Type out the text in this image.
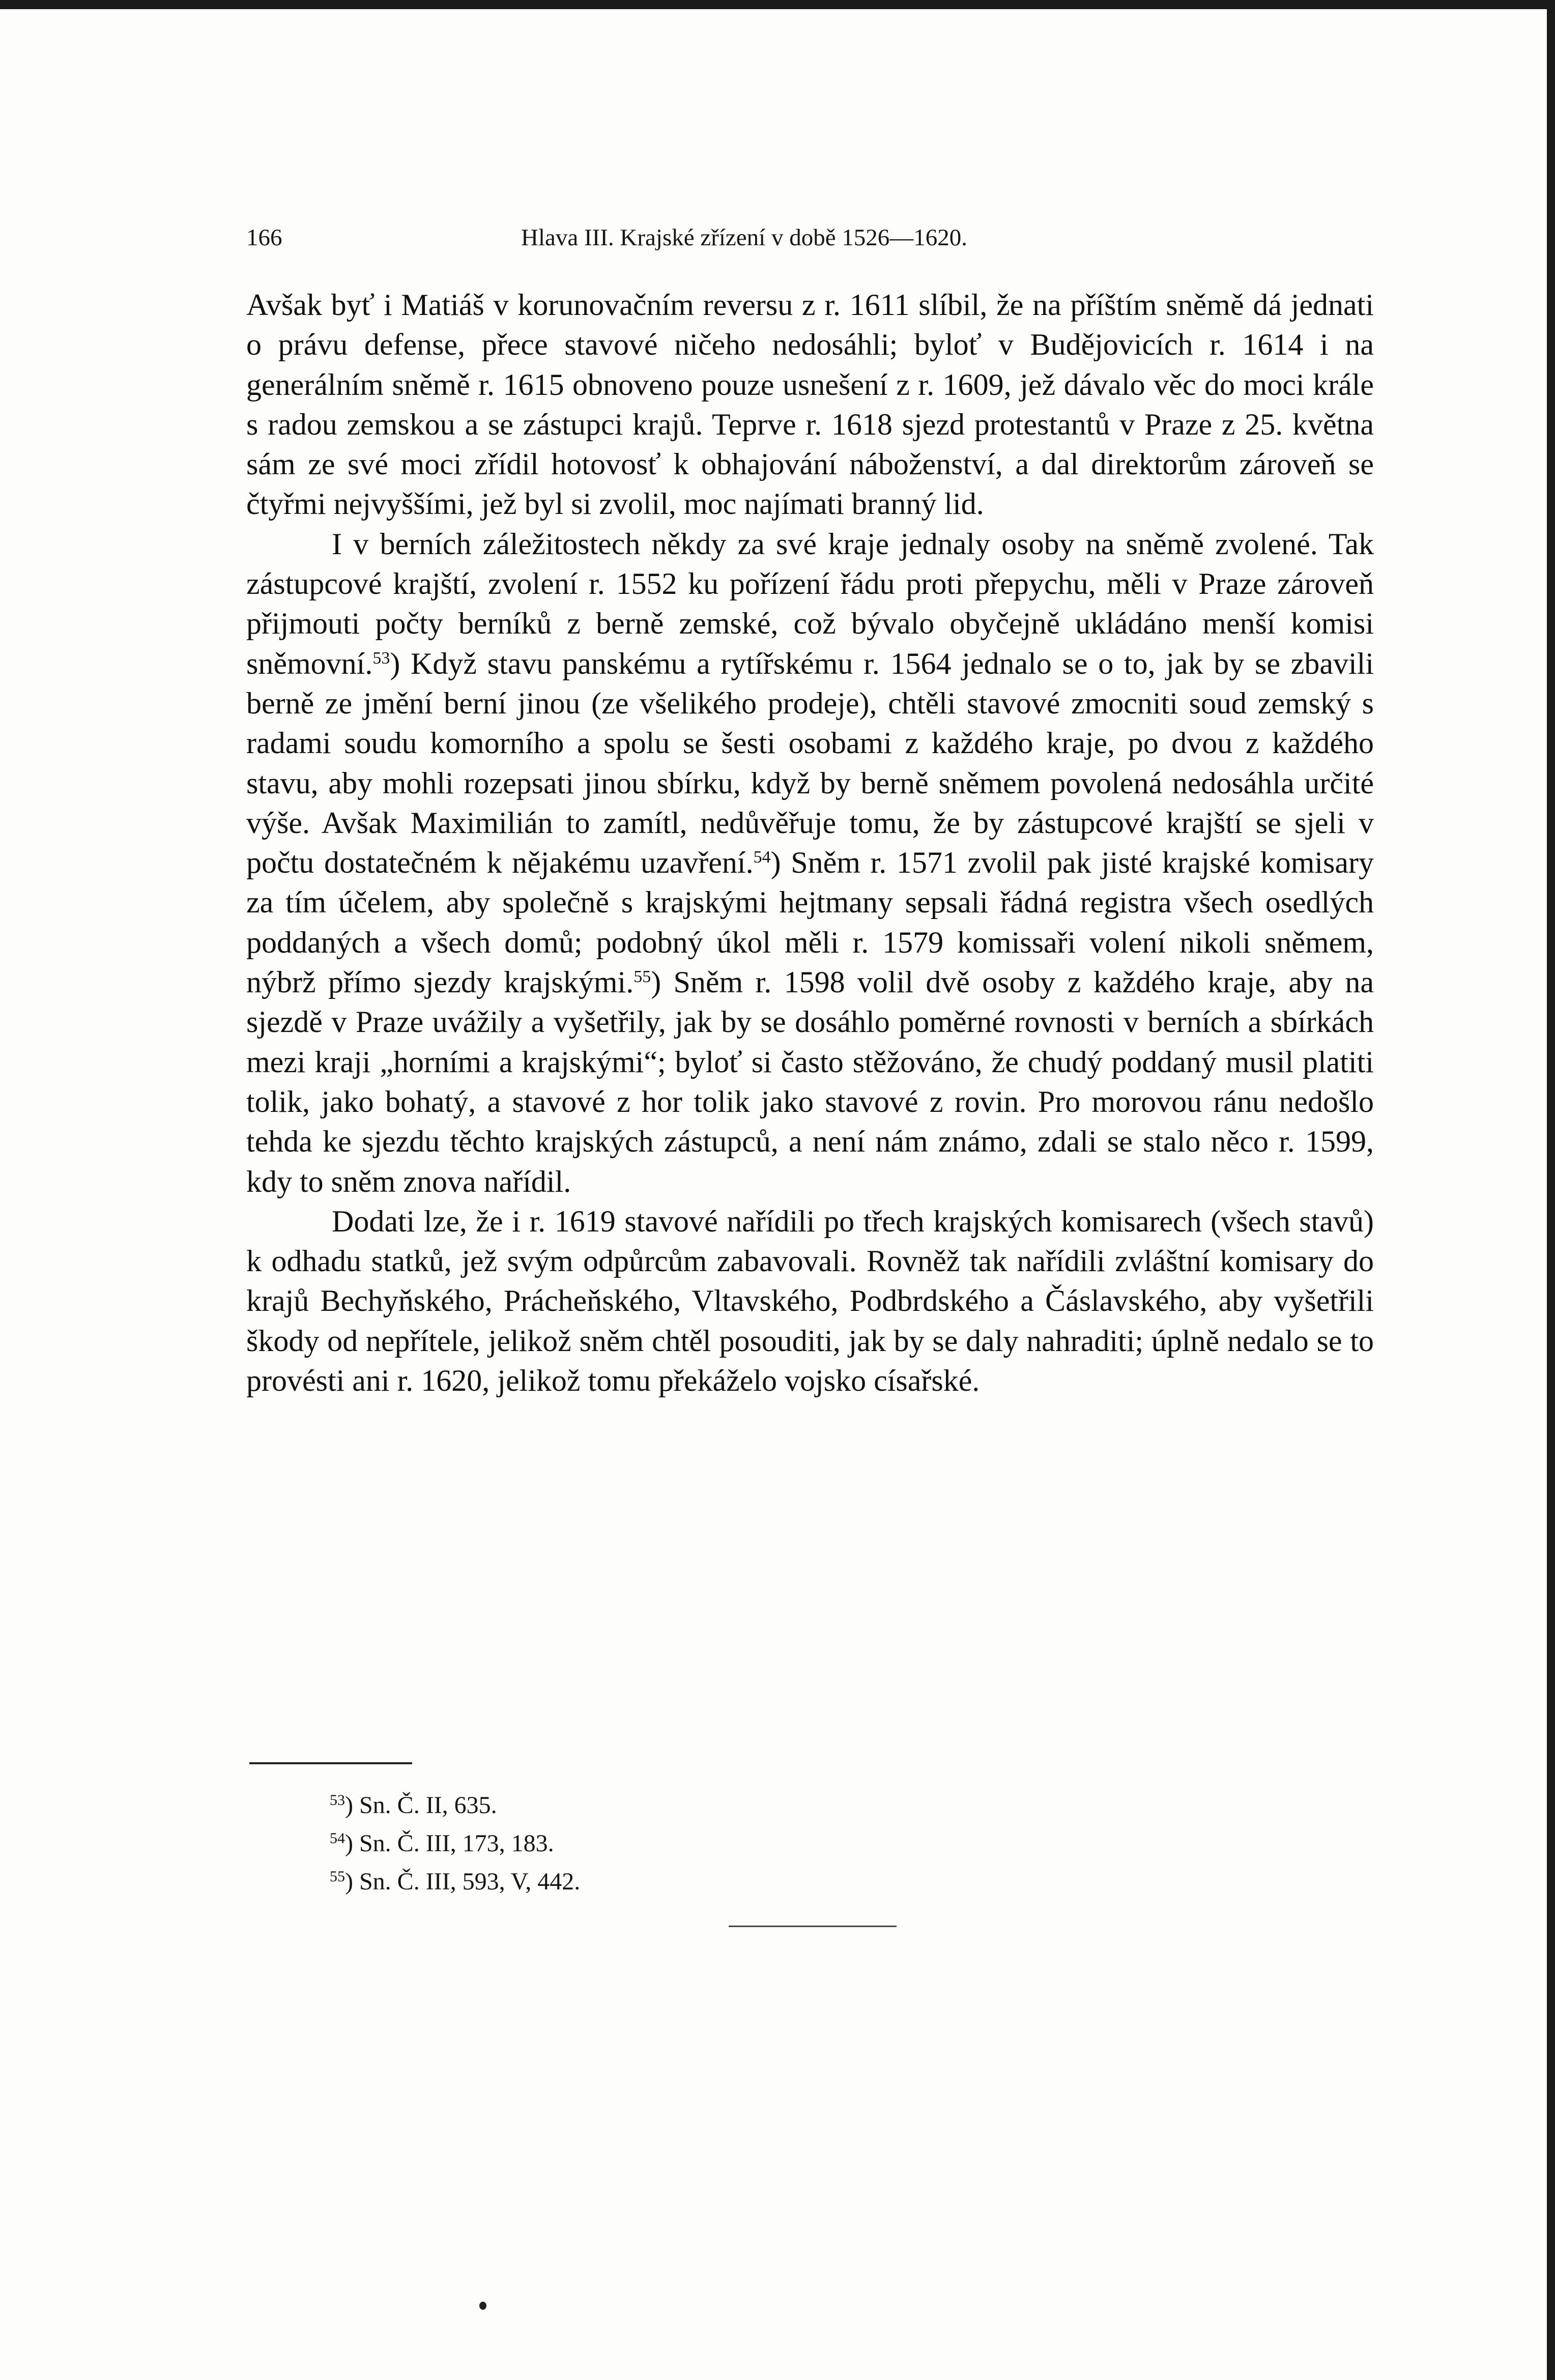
166	Hlava III. Krajské zřízení v době 1526—1620.

Avšak byť i Matiáš v korunovačním reversu z r. 1611 slíbil, že na příštím sněmě dá jednati o právu defense, přece stavové ničeho nedosáhli; byloť v Budějovicích r. 1614 i na generálním sněmě r. 1615 obnoveno pouze usnešení z r. 1609, jež dávalo věc do moci krále s radou zemskou a se zástupci krajů. Teprve r. 1618 sjezd protestantů v Praze z 25. května sám ze své moci zřídil hotovosť k obhajování náboženství, a dal direktorům zároveň se čtyřmi nejvyššími, jež byl si zvolil, moc najímati branný lid.

I v berních záležitostech někdy za své kraje jednaly osoby na sněmě zvolené. Tak zástupcové krajští, zvolení r. 1552 ku pořízení řádu proti přepychu, měli v Praze zároveň přijmouti počty berníků z berně zemské, což bývalo obyčejně ukládáno menší komisi sněmovní.$^{53}$) Když stavu panskému a rytířskému r. 1564 jednalo se o to, jak by se zbavili berně ze jmění berní jinou (ze všelikého prodeje), chtěli stavové zmocniti soud zemský s radami soudu komorního a spolu se šesti osobami z každého kraje, po dvou z každého stavu, aby mohli rozepsati jinou sbírku, když by berně sněmem povolená nedosáhla určité výše. Avšak Maximilián to zamítl, nedůvěřuje tomu, že by zástupcové krajští se sjeli v počtu dostatečném k nějakému uzavření.$^{54}$) Sněm r. 1571 zvolil pak jisté krajské komisary za tím účelem, aby společně s krajskými hejtmany sepsali řádná registra všech osedlých poddaných a všech domů; podobný úkol měli r. 1579 komissaři volení nikoli sněmem, nýbrž přímo sjezdy krajskými.$^{55}$) Sněm r. 1598 volil dvě osoby z každého kraje, aby na sjezdě v Praze uvážily a vyšetřily, jak by se dosáhlo poměrné rovnosti v berních a sbírkách mezi kraji „horními a krajskými“; byloť si často stěžováno, že chudý poddaný musil platiti tolik, jako bohatý, a stavové z hor tolik jako stavové z rovin. Pro morovou ránu nedošlo tehda ke sjezdu těchto krajských zástupců, a není nám známo, zdali se stalo něco r. 1599, kdy to sněm znova nařídil.

Dodati lze, že i r. 1619 stavové nařídili po třech krajských komisarech (všech stavů) k odhadu statků, jež svým odpůrcům zabavovali. Rovněž tak nařídili zvláštní komisary do krajů Bechyňského, Prácheňského, Vltavského, Podbrdského a Čáslavského, aby vyšetřili škody od nepřítele, jelikož sněm chtěl posouditi, jak by se daly nahraditi; úplně nedalo se to provésti ani r. 1620, jelikož tomu překáželo vojsko císařské.

$^{53}$) Sn. Č. II, 635.
$^{54}$) Sn. Č. III, 173, 183.
$^{55}$) Sn. Č. III, 593, V, 442.
